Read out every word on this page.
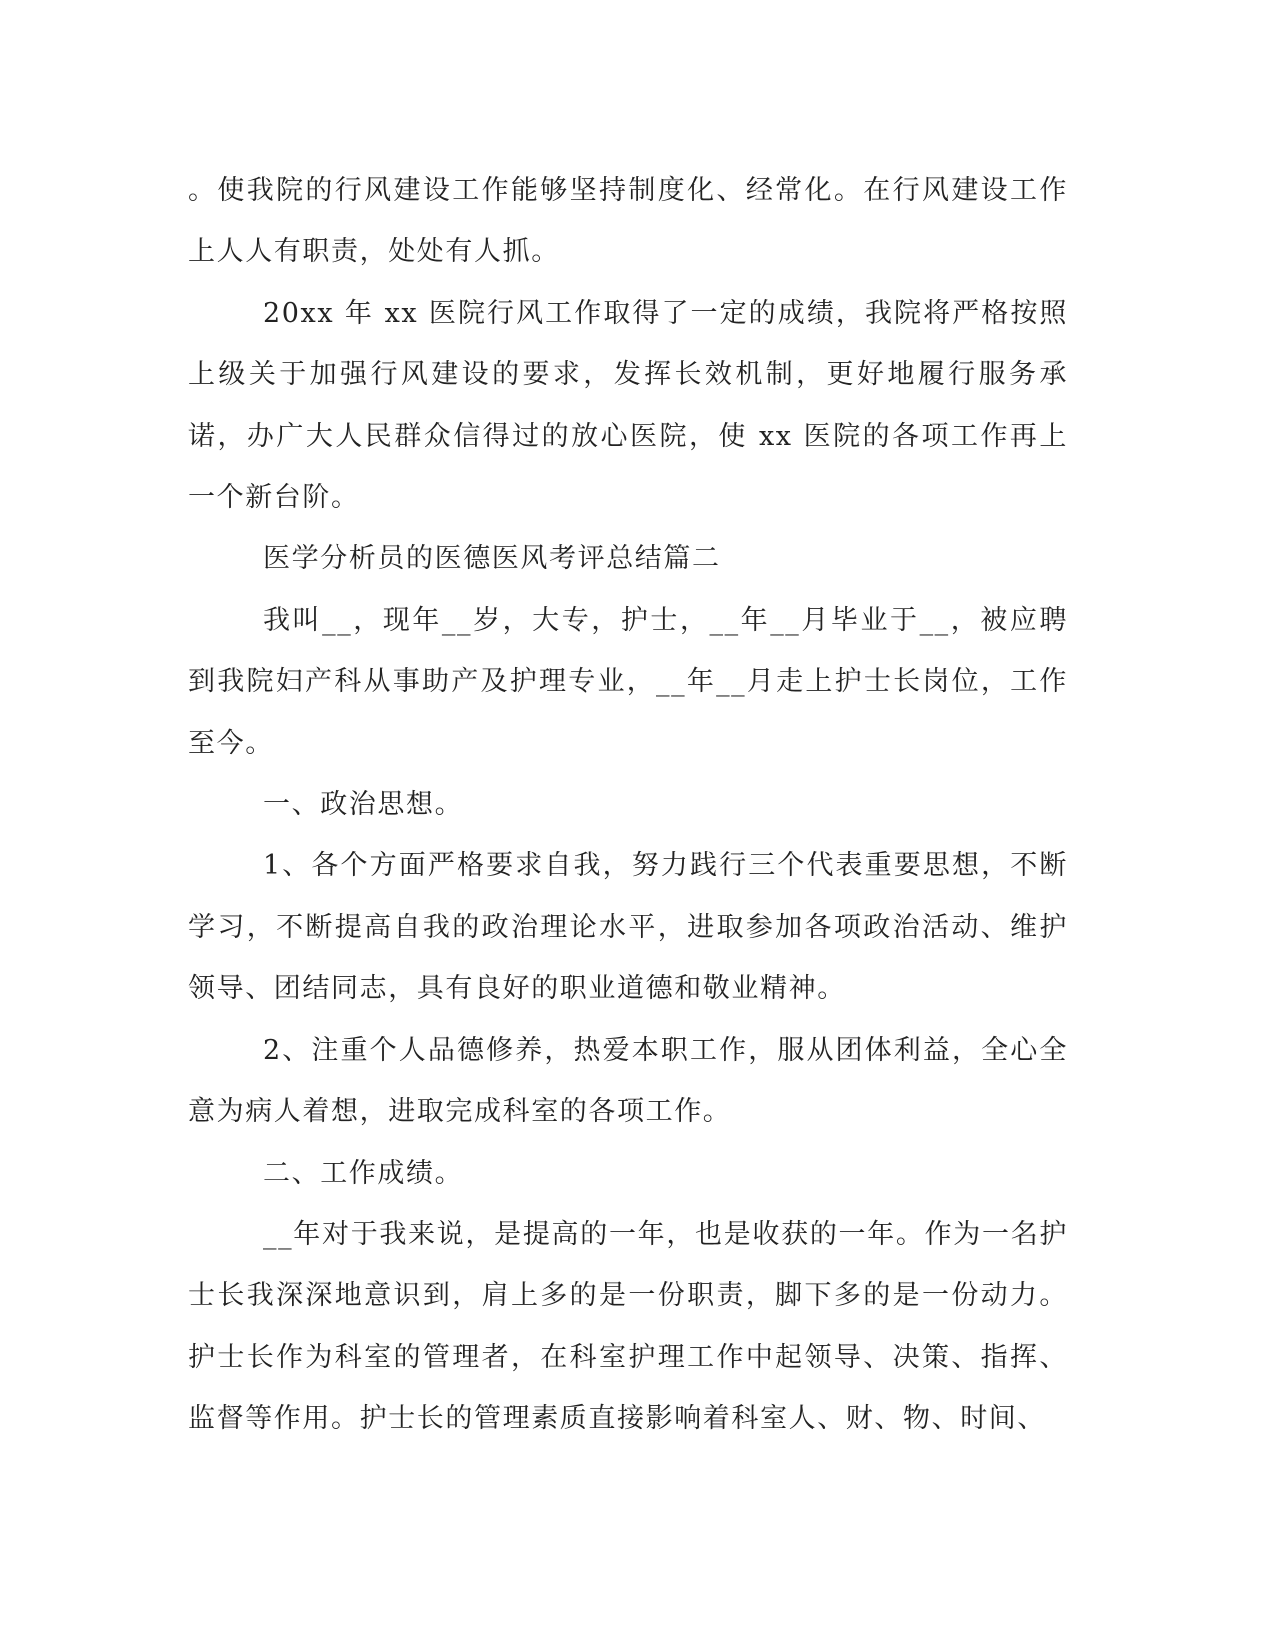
。使我院的行风建设工作能够坚持制度化、经常化。在行风建设工作上人人有职责，处处有人抓。

20xx 年 xx 医院行风工作取得了一定的成绩，我院将严格按照上级关于加强行风建设的要求，发挥长效机制，更好地履行服务承诺，办广大人民群众信得过的放心医院，使 xx 医院的各项工作再上一个新台阶。

医学分析员的医德医风考评总结篇二

我叫__，现年__岁，大专，护士，__年__月毕业于__，被应聘到我院妇产科从事助产及护理专业，__年__月走上护士长岗位，工作至今。

一、政治思想。

1、各个方面严格要求自我，努力践行三个代表重要思想，不断学习，不断提高自我的政治理论水平，进取参加各项政治活动、维护领导、团结同志，具有良好的职业道德和敬业精神。

2、注重个人品德修养，热爱本职工作，服从团体利益，全心全意为病人着想，进取完成科室的各项工作。

二、工作成绩。

__年对于我来说，是提高的一年，也是收获的一年。作为一名护士长我深深地意识到，肩上多的是一份职责，脚下多的是一份动力。护士长作为科室的管理者，在科室护理工作中起领导、决策、指挥、监督等作用。护士长的管理素质直接影响着科室人、财、物、时间、
